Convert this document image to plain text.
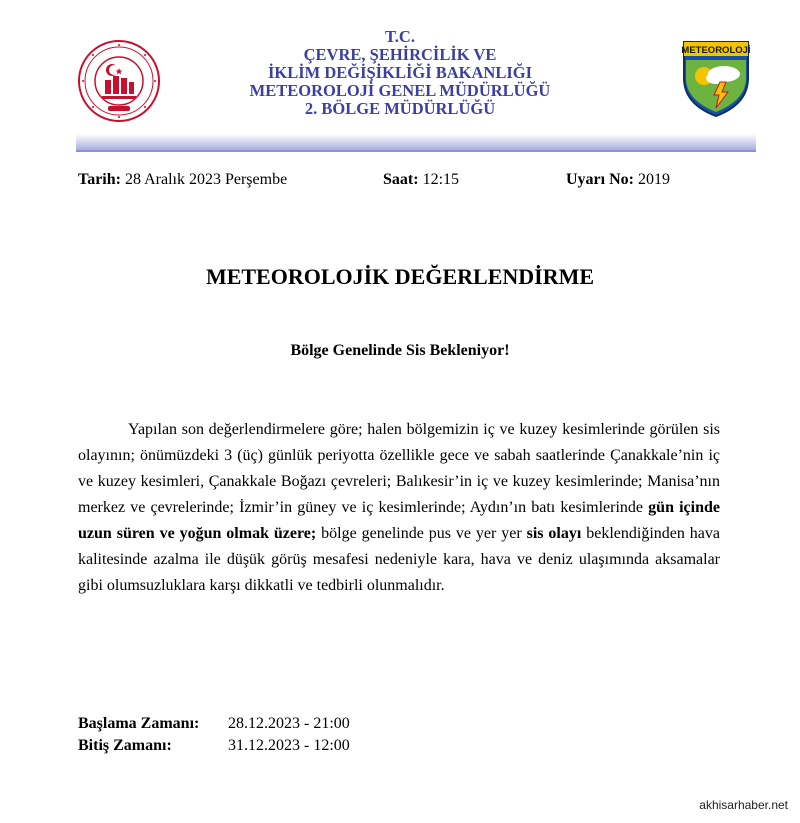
T.C.
ÇEVRE, ŞEHİRCİLİK VE
İKLİM DEĞİŞİKLİĞİ BAKANLIĞI
METEOROLOJİ GENEL MÜDÜRLÜĞÜ
2. BÖLGE MÜDÜRLÜĞÜ
METEOROLOJİ
Tarih: 28 Aralık 2023 Perşembe	Saat: 12:15	Uyarı No: 2019
METEOROLOJİK DEĞERLENDİRME
Bölge Genelinde Sis Bekleniyor!
Yapılan son değerlendirmelere göre; halen bölgemizin iç ve kuzey kesimlerinde görülen sis olayının; önümüzdeki 3 (üç) günlük periyotta özellikle gece ve sabah saatlerinde Çanakkale’nin iç ve kuzey kesimleri, Çanakkale Boğazı çevreleri; Balıkesir’in iç ve kuzey kesimlerinde; Manisa’nın merkez ve çevrelerinde; İzmir’in güney ve iç kesimlerinde; Aydın’ın batı kesimlerinde gün içinde uzun süren ve yoğun olmak üzere; bölge genelinde pus ve yer yer sis olayı beklendiğinden hava kalitesinde azalma ile düşük görüş mesafesi nedeniyle kara, hava ve deniz ulaşımında aksamalar gibi olumsuzluklara karşı dikkatli ve tedbirli olunmalıdır.
Başlama Zamanı: 28.12.2023 - 21:00
Bitiş Zamanı:	31.12.2023 - 12:00
akhisarhaber.net
